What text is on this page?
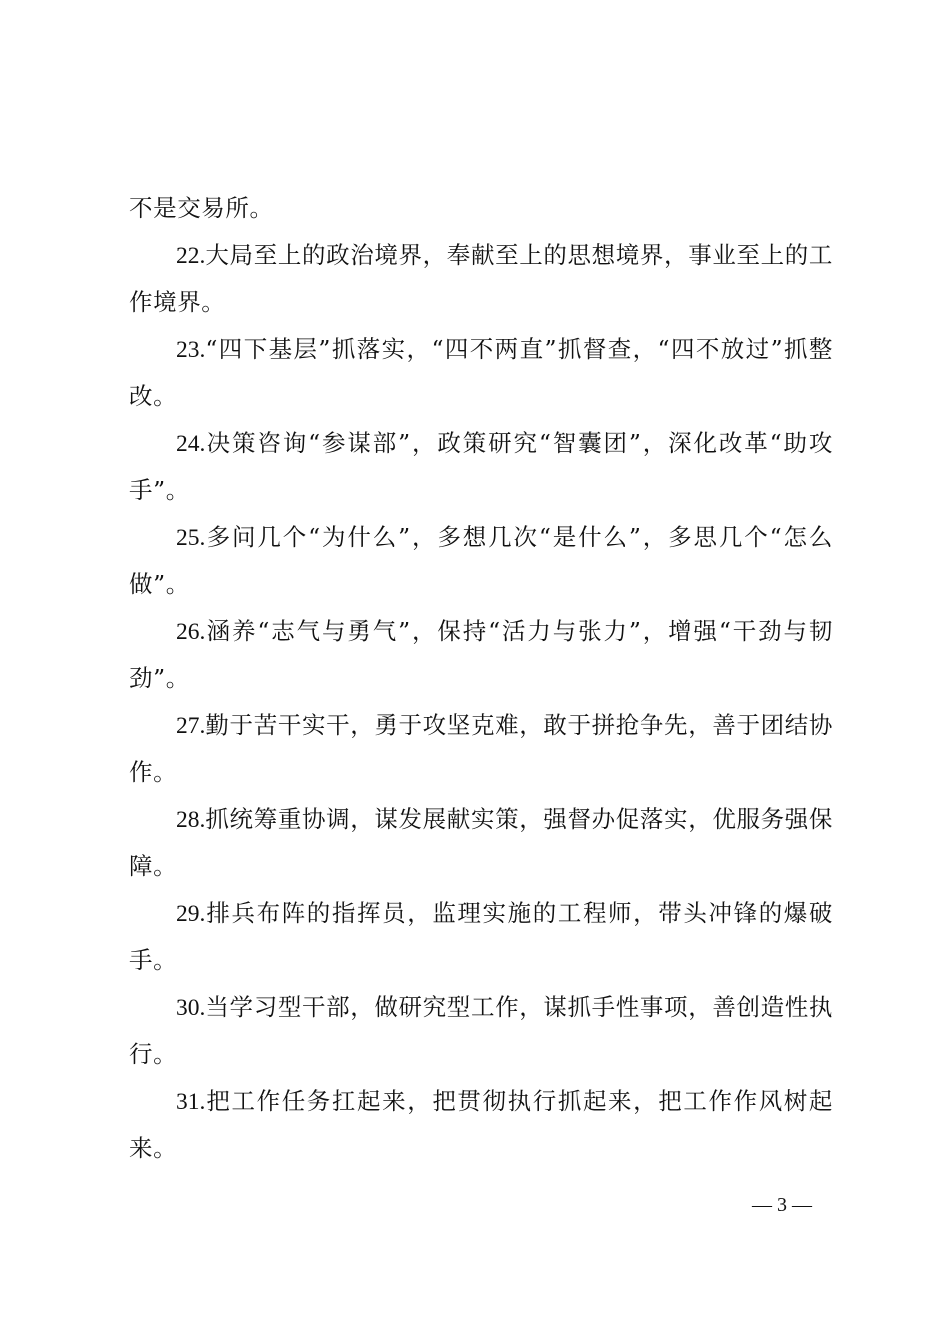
不是交易所。

22.大局至上的政治境界，奉献至上的思想境界，事业至上的工作境界。

23.“四下基层”抓落实，“四不两直”抓督查，“四不放过”抓整改。

24.决策咨询“参谋部”，政策研究“智囊团”，深化改革“助攻手”。

25.多问几个“为什么”，多想几次“是什么”，多思几个“怎么做”。

26.涵养“志气与勇气”，保持“活力与张力”，增强“干劲与韧劲”。

27.勤于苦干实干，勇于攻坚克难，敢于拼抢争先，善于团结协作。

28.抓统筹重协调，谋发展献实策，强督办促落实，优服务强保障。

29.排兵布阵的指挥员，监理实施的工程师，带头冲锋的爆破手。

30.当学习型干部，做研究型工作，谋抓手性事项，善创造性执行。

31.把工作任务扛起来，把贯彻执行抓起来，把工作作风树起来。

— 3 —
